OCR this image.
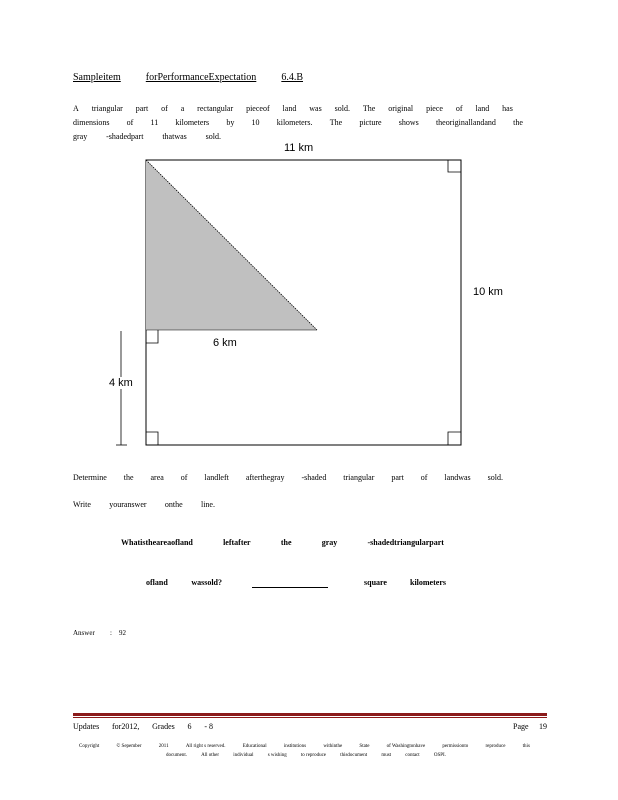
Sampleitem	forPerformanceExpectation	6.4.B
A triangular part of a rectangular pieceof land was sold. The original piece of land has
dimensions of 11 kilometers by 10 kilometers. The picture shows theoriginallandand the
gray -shadedpart thatwas sold.
11 km
10 km
6 km
4 km
Determine the area of landleft afterthegray -shaded triangular part of landwas sold.
Write youranswer onthe line.
Whatistheareaofland	leftafter	the	gray	-shadedtriangularpart
ofland	wassold?	square	kilometers
Answer : 92
Updates for2012, Grades 6 - 8	Page 19
Copyright	© Sepember	2011	All right s reserved.	Educational	institutions	withinthe	State	of Washingtonhave	permissionto	reproduce	this
document.	All other	individual	s wishing	to reproduce	thisdocument	must	contact	OSPI.
